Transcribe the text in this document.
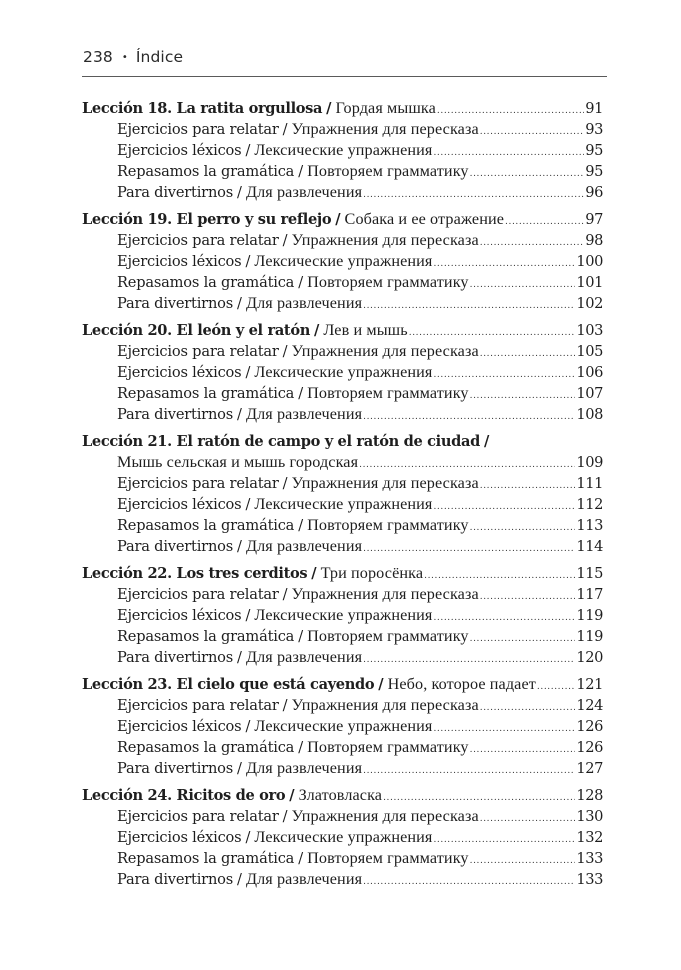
238 • Índice
Lección 18. La ratita orgullosa / Гордая мышка .....	91
Ejercicios para relatar / Упражнения для пересказа .....	93
Ejercicios léxicos / Лексические упражнения .....	95
Repasamos la gramática / Повторяем грамматику .....	95
Para divertirnos / Для развлечения .....	96
Lección 19. El perro y su reflejo / Собака и ее отражение .....	97
Ejercicios para relatar / Упражнения для пересказа .....	98
Ejercicios léxicos / Лексические упражнения .....	100
Repasamos la gramática / Повторяем грамматику .....	101
Para divertirnos / Для развлечения .....	102
Lección 20. El león y el ratón / Лев и мышь .....	103
Ejercicios para relatar / Упражнения для пересказа .....	105
Ejercicios léxicos / Лексические упражнения .....	106
Repasamos la gramática / Повторяем грамматику .....	107
Para divertirnos / Для развлечения .....	108
Lección 21. El ratón de campo y el ratón de ciudad /
Мышь сельская и мышь городская .....	109
Ejercicios para relatar / Упражнения для пересказа .....	111
Ejercicios léxicos / Лексические упражнения .....	112
Repasamos la gramática / Повторяем грамматику .....	113
Para divertirnos / Для развлечения .....	114
Lección 22. Los tres cerditos / Три поросёнка .....	115
Ejercicios para relatar / Упражнения для пересказа .....	117
Ejercicios léxicos / Лексические упражнения .....	119
Repasamos la gramática / Повторяем грамматику .....	119
Para divertirnos / Для развлечения .....	120
Lección 23. El cielo que está cayendo / Небо, которое падает .....	121
Ejercicios para relatar / Упражнения для пересказа .....	124
Ejercicios léxicos / Лексические упражнения .....	126
Repasamos la gramática / Повторяем грамматику .....	126
Para divertirnos / Для развлечения .....	127
Lección 24. Ricitos de oro / Златовласка .....	128
Ejercicios para relatar / Упражнения для пересказа .....	130
Ejercicios léxicos / Лексические упражнения .....	132
Repasamos la gramática / Повторяем грамматику .....	133
Para divertirnos / Для развлечения .....	133
